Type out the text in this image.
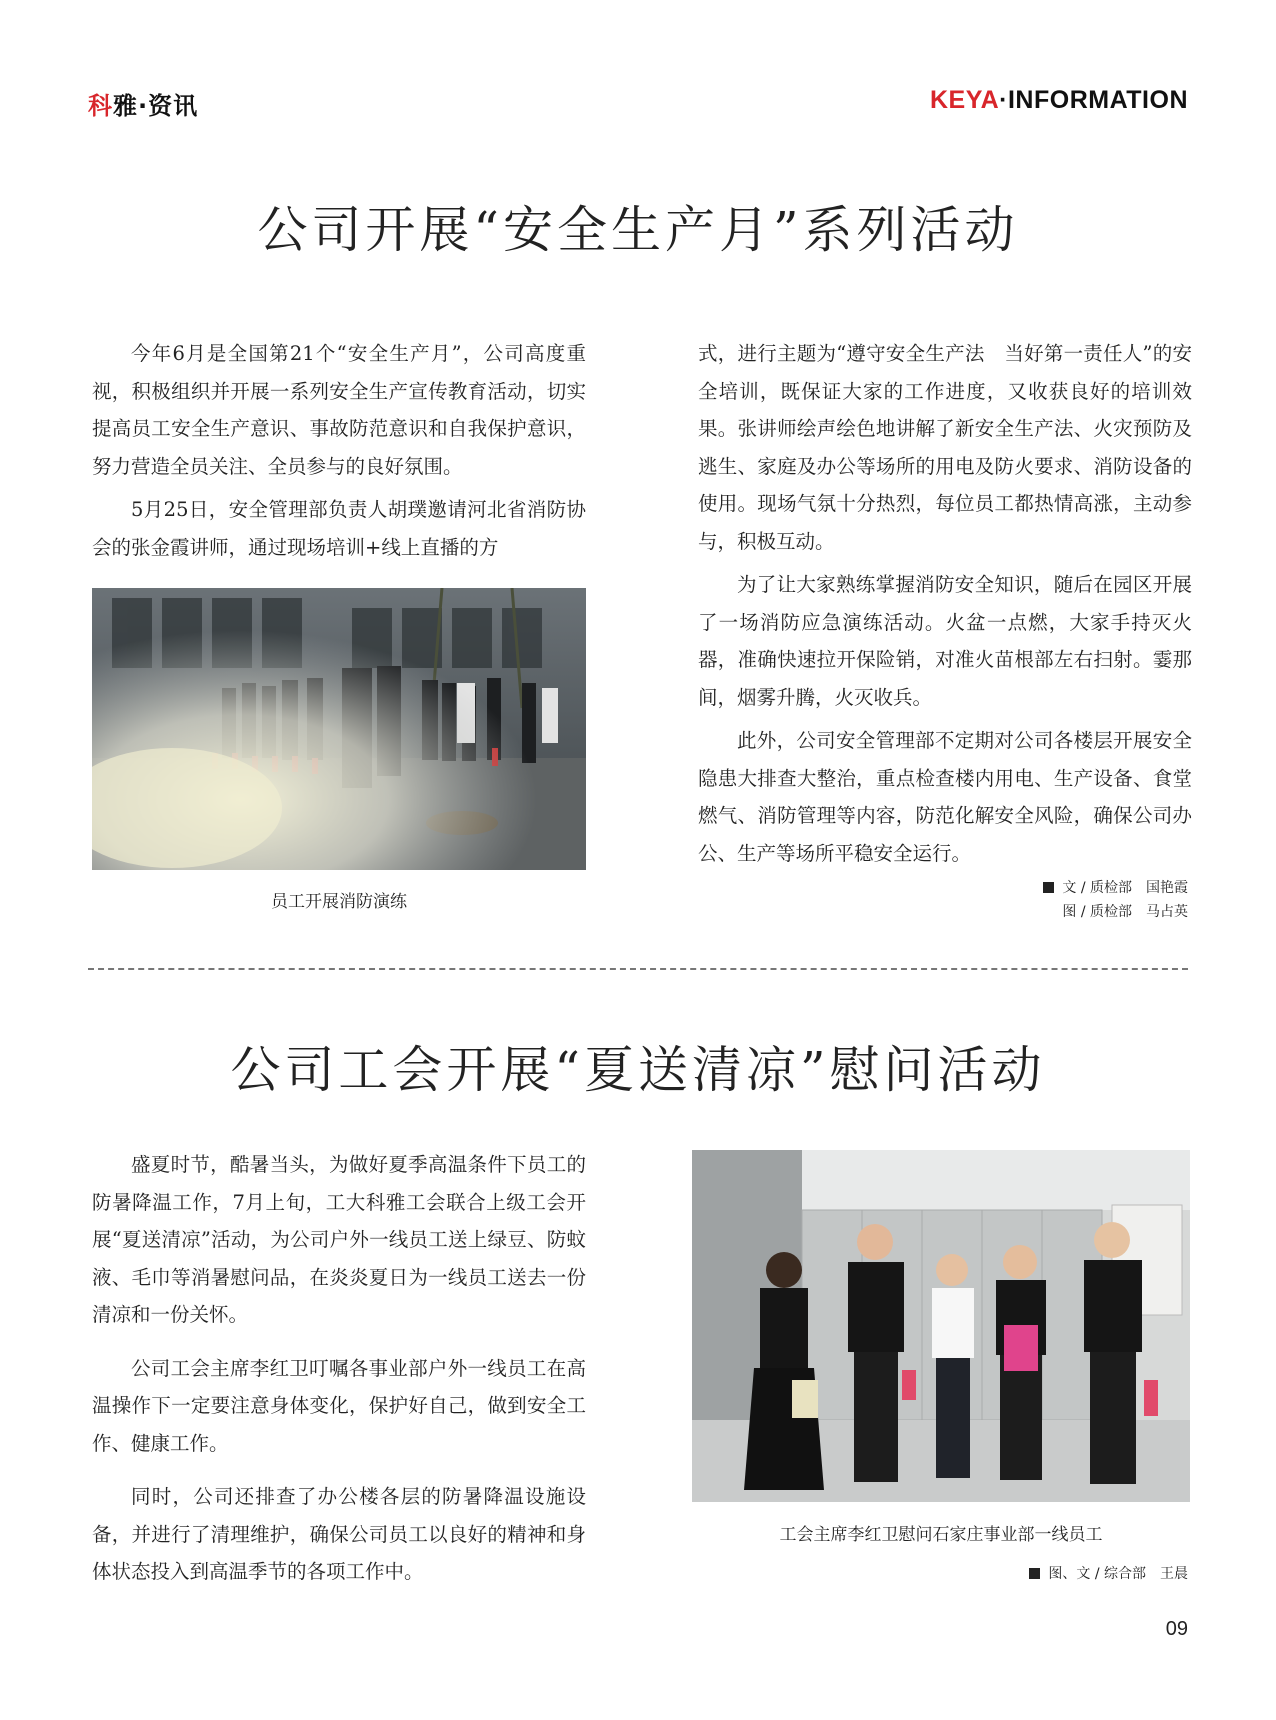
科雅·资讯	KEYA·INFORMATION
公司开展“安全生产月”系列活动

今年6月是全国第21个“安全生产月”，公司高度重视，积极组织并开展一系列安全生产宣传教育活动，切实提高员工安全生产意识、事故防范意识和自我保护意识，努力营造全员关注、全员参与的良好氛围。

5月25日，安全管理部负责人胡璞邀请河北省消防协会的张金霞讲师，通过现场培训+线上直播的方

员工开展消防演练

式，进行主题为“遵守安全生产法　当好第一责任人”的安全培训，既保证大家的工作进度，又收获良好的培训效果。张讲师绘声绘色地讲解了新安全生产法、火灾预防及逃生、家庭及办公等场所的用电及防火要求、消防设备的使用。现场气氛十分热烈，每位员工都热情高涨，主动参与，积极互动。

为了让大家熟练掌握消防安全知识，随后在园区开展了一场消防应急演练活动。火盆一点燃，大家手持灭火器，准确快速拉开保险销，对准火苗根部左右扫射。霎那间，烟雾升腾，火灭收兵。

此外，公司安全管理部不定期对公司各楼层开展安全隐患大排查大整治，重点检查楼内用电、生产设备、食堂燃气、消防管理等内容，防范化解安全风险，确保公司办公、生产等场所平稳安全运行。

文 / 质检部　国艳霞
图 / 质检部　马占英
公司工会开展“夏送清凉”慰问活动

盛夏时节，酷暑当头，为做好夏季高温条件下员工的防暑降温工作，7月上旬，工大科雅工会联合上级工会开展“夏送清凉”活动，为公司户外一线员工送上绿豆、防蚊液、毛巾等消暑慰问品，在炎炎夏日为一线员工送去一份清凉和一份关怀。

公司工会主席李红卫叮嘱各事业部户外一线员工在高温操作下一定要注意身体变化，保护好自己，做到安全工作、健康工作。

同时，公司还排查了办公楼各层的防暑降温设施设备，并进行了清理维护，确保公司员工以良好的精神和身体状态投入到高温季节的各项工作中。

工会主席李红卫慰问石家庄事业部一线员工
图、文 / 综合部　王晨
09
